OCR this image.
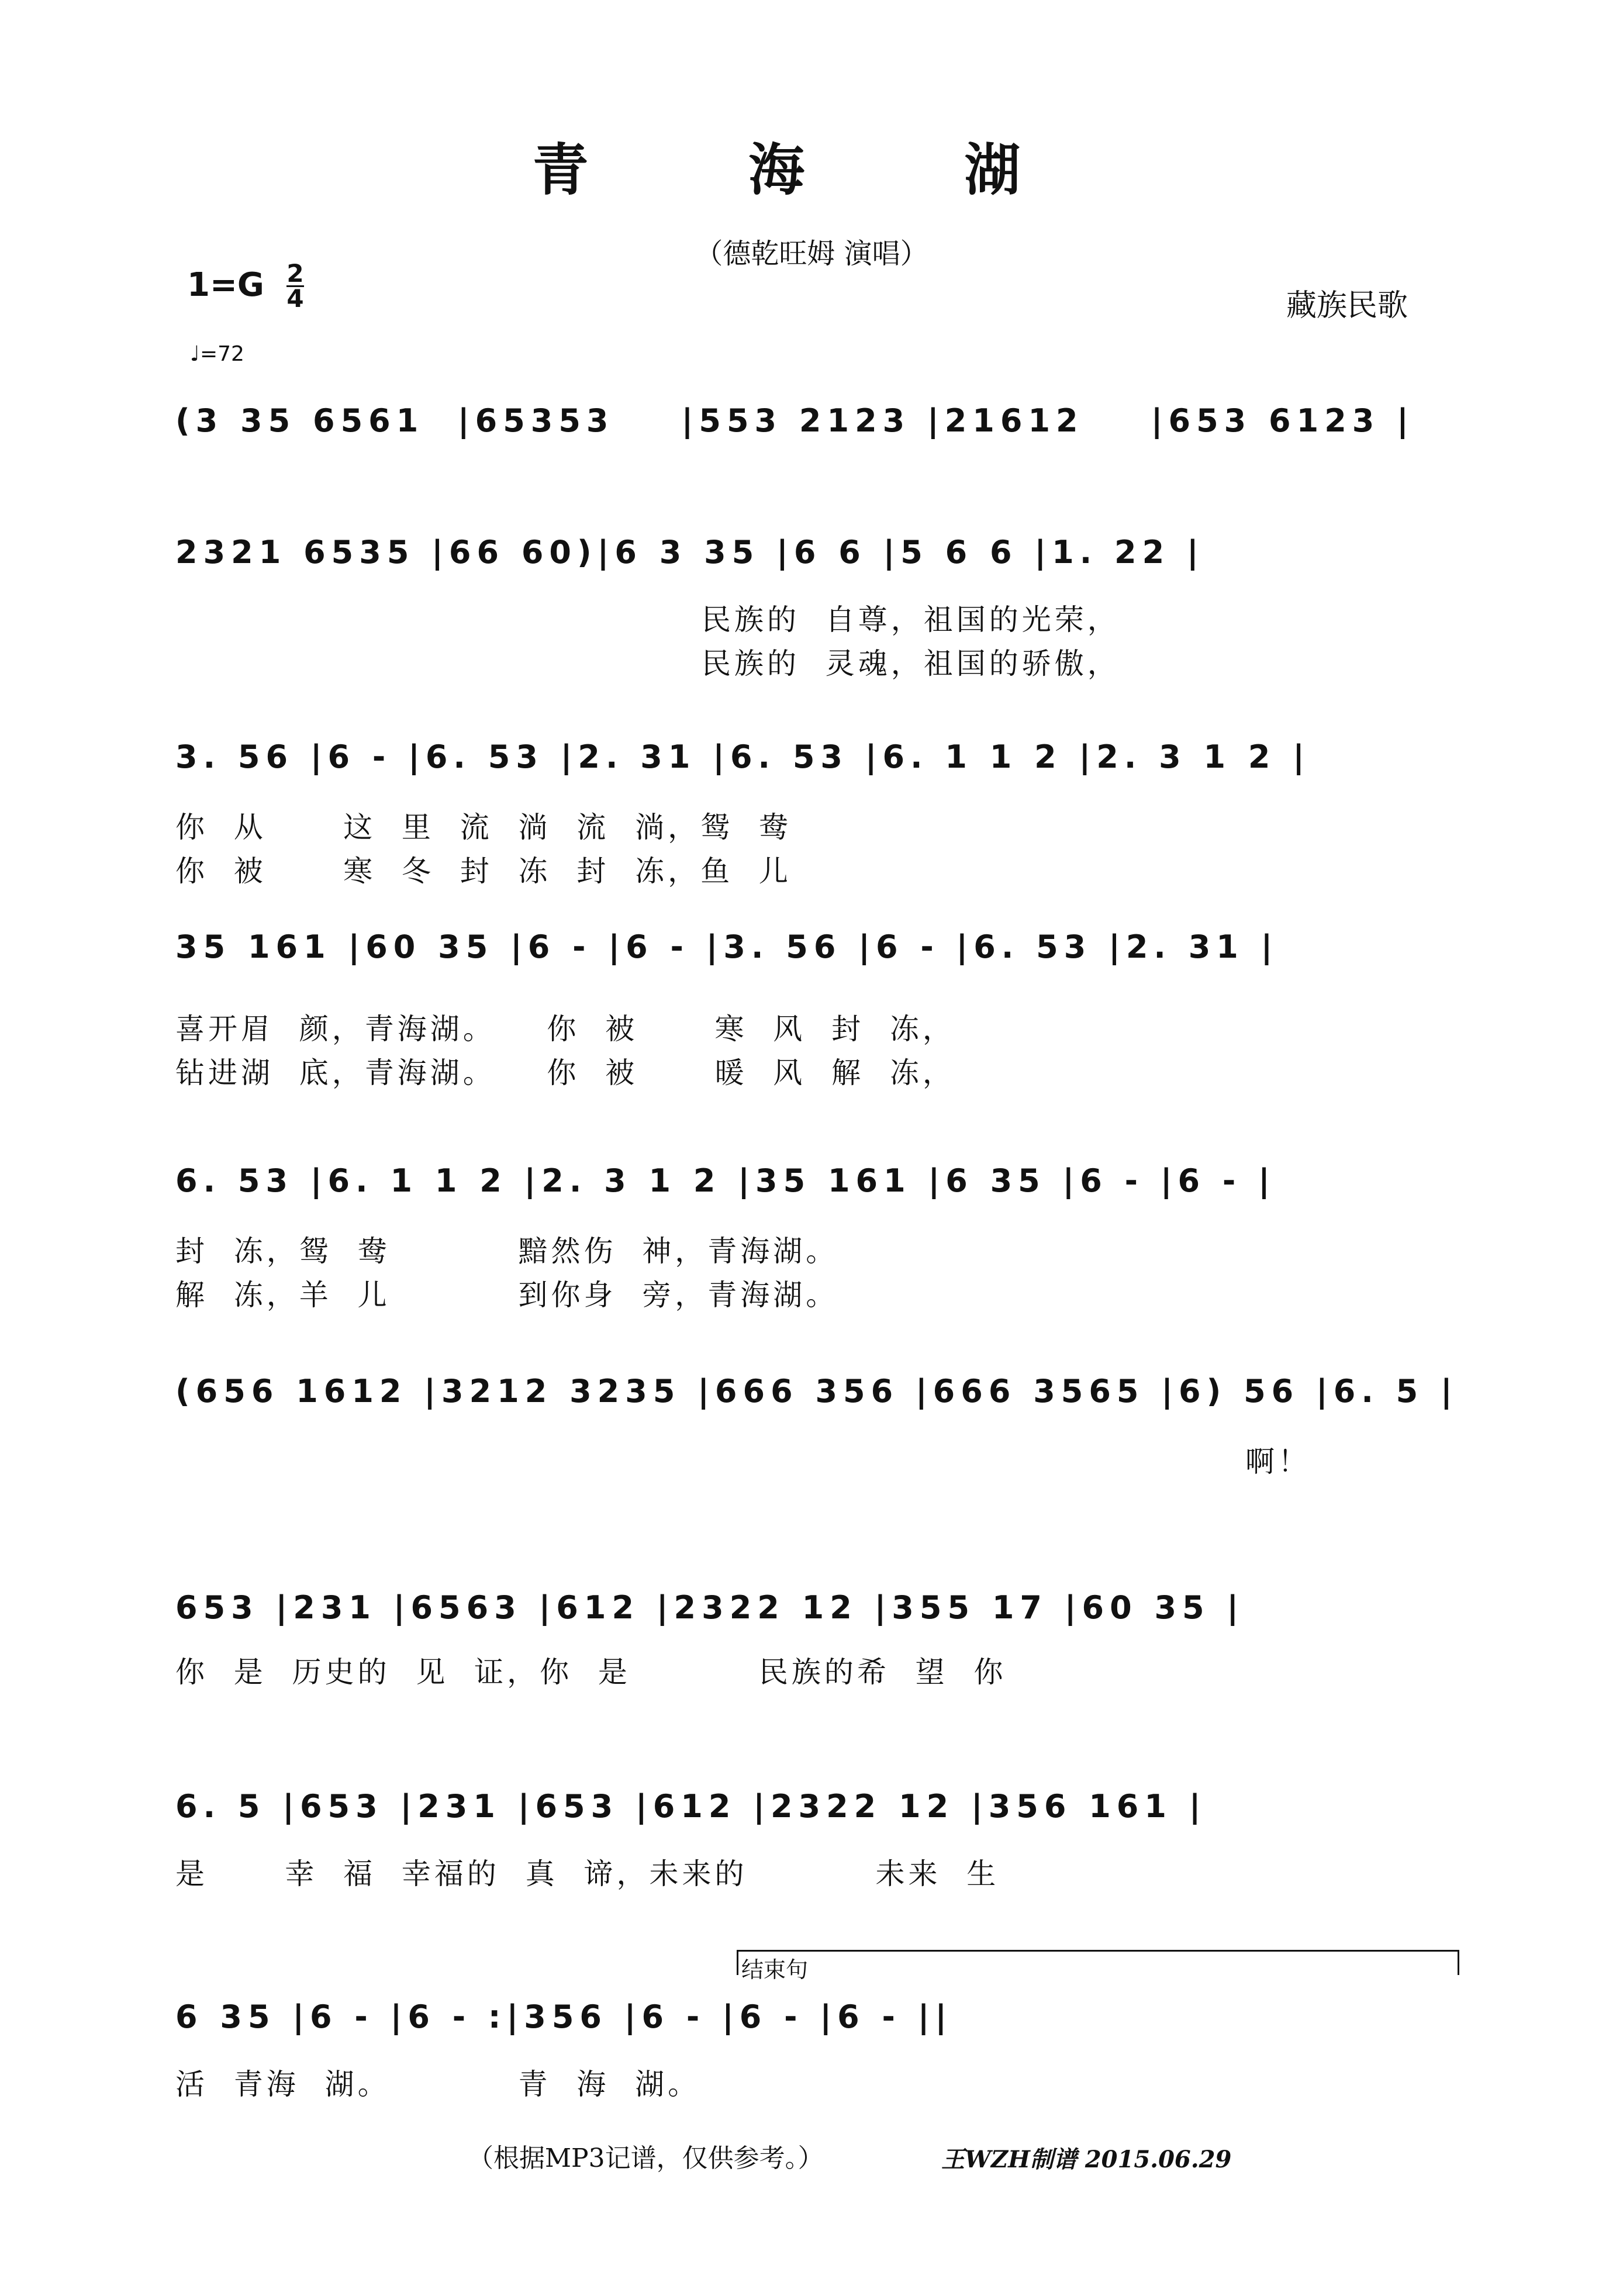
青 海 湖
（德乾旺姆 演唱）
1=G 2
4	藏族民歌
♩=72
(3 35 6561  |65353    |553 2123 |21612    |653 6123 |
2321 6535 |66 60)|6 3 35 |6 6 |5 6 6 |1. 22 |
民族的  自尊，祖国的光荣，
民族的  灵魂，祖国的骄傲，
3. 56 |6 - |6. 53 |2. 31 |6. 53 |6. 1 1 2 |2. 3 1 2 |
你  从      这  里  流  淌  流  淌，鸳  鸯
你  被      寒  冬  封  冻  封  冻，鱼  儿
35 161 |60 35 |6 - |6 - |3. 56 |6 - |6. 53 |2. 31 |
喜开眉  颜，青海湖。    你  被      寒  风  封  冻，
钻进湖  底，青海湖。    你  被      暖  风  解  冻，
6. 53 |6. 1 1 2 |2. 3 1 2 |35 161 |6 35 |6 - |6 - |
封  冻，鸳  鸯          黯然伤  神，青海湖。
解  冻，羊  儿          到你身  旁，青海湖。
(656 1612 |3212 3235 |666 356 |666 3565 |6) 56 |6. 5 |
啊！
653 |231 |6563 |612 |2322 12 |355 17 |60 35 |
你  是  历史的  见  证，你  是          民族的希  望  你
6. 5 |653 |231 |653 |612 |2322 12 |356 161 |
是      幸  福  幸福的  真  谛，未来的          未来  生
结束句
6 35 |6 - |6 - :|356 |6 - |6 - |6 - ||
活  青海  湖。          青  海  湖。
（根据MP3记谱，仅供参考。）	王WZH制谱 2015.06.29
